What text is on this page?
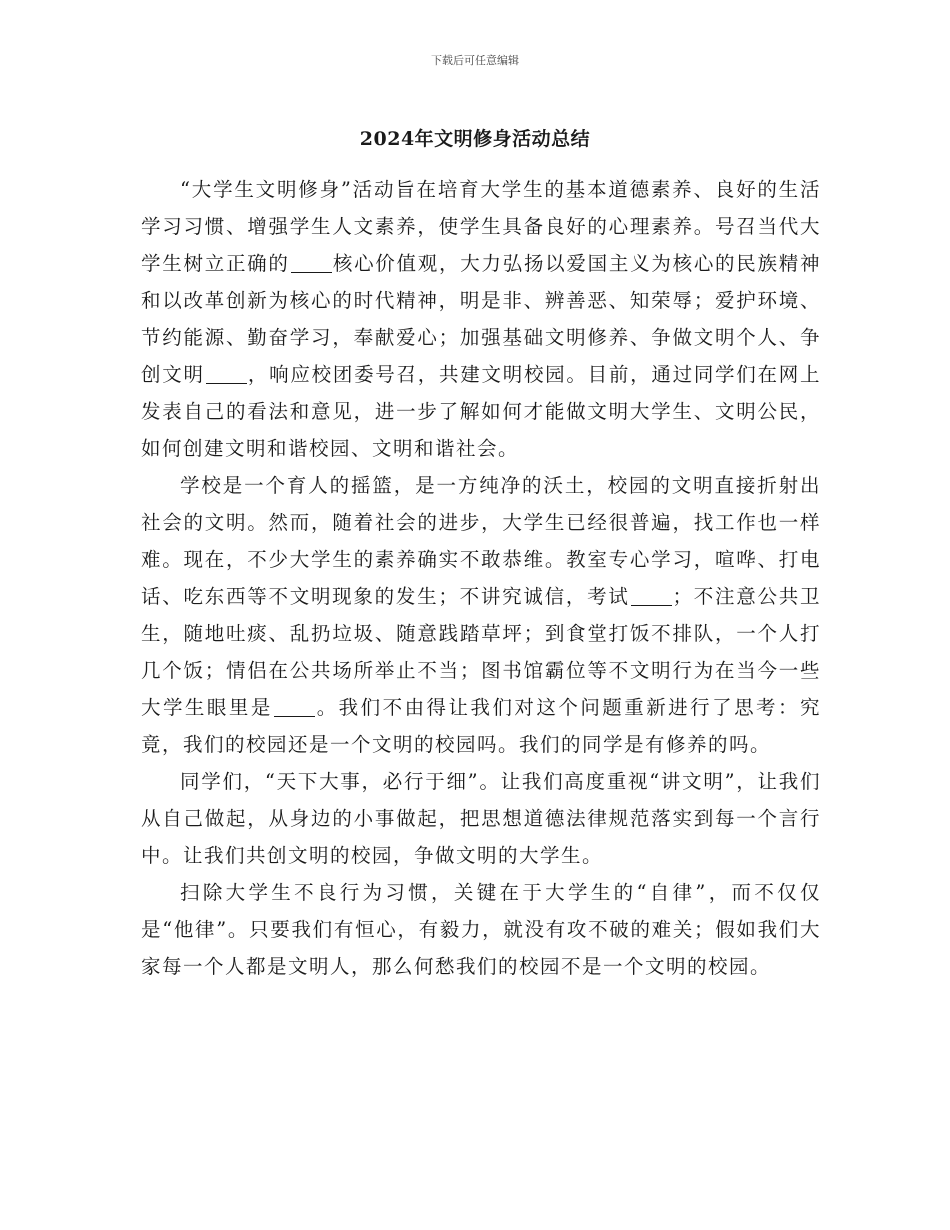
下载后可任意编辑
2024年文明修身活动总结

“大学生文明修身”活动旨在培育大学生的基本道德素养、良好的生活学习习惯、增强学生人文素养，使学生具备良好的心理素养。号召当代大学生树立正确的 核心价值观，大力弘扬以爱国主义为核心的民族精神和以改革创新为核心的时代精神，明是非、辨善恶、知荣辱；爱护环境、节约能源、勤奋学习，奉献爱心；加强基础文明修养、争做文明个人、争创文明 ，响应校团委号召，共建文明校园。目前，通过同学们在网上发表自己的看法和意见，进一步了解如何才能做文明大学生、文明公民，如何创建文明和谐校园、文明和谐社会。

学校是一个育人的摇篮，是一方纯净的沃土，校园的文明直接折射出社会的文明。然而，随着社会的进步，大学生已经很普遍，找工作也一样难。现在，不少大学生的素养确实不敢恭维。教室专心学习，喧哗、打电话、吃东西等不文明现象的发生；不讲究诚信，考试 ；不注意公共卫生，随地吐痰、乱扔垃圾、随意践踏草坪；到食堂打饭不排队，一个人打几个饭；情侣在公共场所举止不当；图书馆霸位等不文明行为在当今一些大学生眼里是 。我们不由得让我们对这个问题重新进行了思考：究竟，我们的校园还是一个文明的校园吗。我们的同学是有修养的吗。

同学们，“天下大事，必行于细”。让我们高度重视“讲文明”，让我们从自己做起，从身边的小事做起，把思想道德法律规范落实到每一个言行中。让我们共创文明的校园，争做文明的大学生。

扫除大学生不良行为习惯，关键在于大学生的“自律”，而不仅仅是“他律”。只要我们有恒心，有毅力，就没有攻不破的难关；假如我们大家每一个人都是文明人，那么何愁我们的校园不是一个文明的校园。
